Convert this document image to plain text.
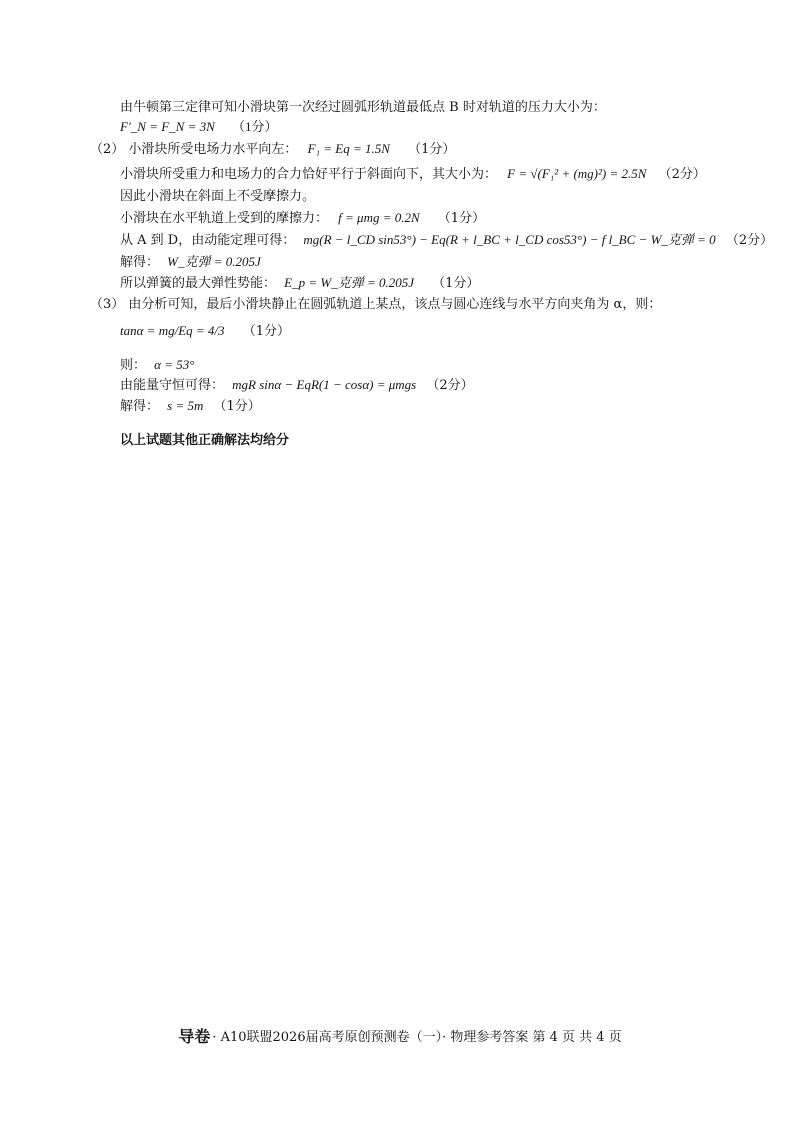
由牛顿第三定律可知小滑块第一次经过圆弧形轨道最低点 B 时对轨道的压力大小为：
F′_N = F_N = 3N （1分）
（2） 小滑块所受电场力水平向左： F₁ = Eq = 1.5N （1分）
小滑块所受重力和电场力的合力恰好平行于斜面向下，其大小为： F = √(F₁² + (mg)²) = 2.5N （2分）
因此小滑块在斜面上不受摩擦力。
小滑块在水平轨道上受到的摩擦力： f = μmg = 0.2N （1分）
从 A 到 D，由动能定理可得： mg(R − l_CD sin53°) − Eq(R + l_BC + l_CD cos53°) − f l_BC − W_克弹 = 0 （2分）
解得： W_克弹 = 0.205J
所以弹簧的最大弹性势能： E_p = W_克弹 = 0.205J （1分）
（3） 由分析可知，最后小滑块静止在圆弧轨道上某点，该点与圆心连线与水平方向夹角为 α，则：
tanα = mg/Eq = 4/3 （1分）
则： α = 53°
由能量守恒可得： mgR sinα − EqR(1 − cosα) = μmgs （2分）
解得： s = 5m （1分）
以上试题其他正确解法均给分
导卷 · A10联盟2026届高考原创预测卷（一）· 物理参考答案 第 4 页 共 4 页
